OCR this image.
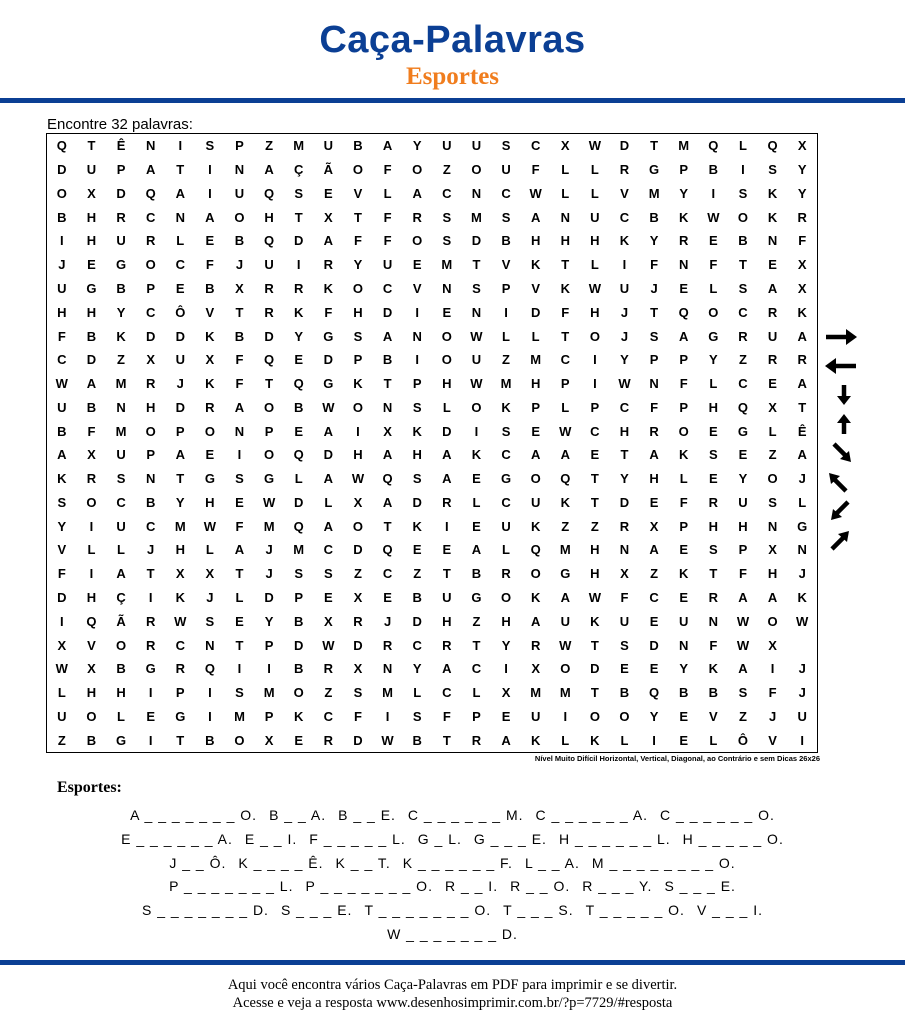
Caça-Palavras
Esportes
Encontre 32 palavras:
Q	T	Ê	N	I	S	P	Z	M	U	B	A	Y	U	U	S	C	X	W	D	T	M	Q	L	Q	X
D	U	P	A	T	I	N	A	Ç	Ã	O	F	O	Z	O	U	F	L	L	R	G	P	B	I	S	Y
O	X	D	Q	A	I	U	Q	S	E	V	L	A	C	N	C	W	L	L	V	M	Y	I	S	K	Y
B	H	R	C	N	A	O	H	T	X	T	F	R	S	M	S	A	N	U	C	B	K	W	O	K	R
I	H	U	R	L	E	B	Q	D	A	F	F	O	S	D	B	H	H	H	K	Y	R	E	B	N	F
J	E	G	O	C	F	J	U	I	R	Y	U	E	M	T	V	K	T	L	I	F	N	F	T	E	X
U	G	B	P	E	B	X	R	R	K	O	C	V	N	S	P	V	K	W	U	J	E	L	S	A	X
H	H	Y	C	Ô	V	T	R	K	F	H	D	I	E	N	I	D	F	H	J	T	Q	O	C	R	K
F	B	K	D	D	K	B	D	Y	G	S	A	N	O	W	L	L	T	O	J	S	A	G	R	U	A
C	D	Z	X	U	X	F	Q	E	D	P	B	I	O	U	Z	M	C	I	Y	P	P	Y	Z	R	R
W	A	M	R	J	K	F	T	Q	G	K	T	P	H	W	M	H	P	I	W	N	F	L	C	E	A
U	B	N	H	D	R	A	O	B	W	O	N	S	L	O	K	P	L	P	C	F	P	H	Q	X	T
B	F	M	O	P	O	N	P	E	A	I	X	K	D	I	S	E	W	C	H	R	O	E	G	L	Ê
A	X	U	P	A	E	I	O	Q	D	H	A	H	A	K	C	A	A	E	T	A	K	S	E	Z	A
K	R	S	N	T	G	S	G	L	A	W	Q	S	A	E	G	O	Q	T	Y	H	L	E	Y	O	J
S	O	C	B	Y	H	E	W	D	L	X	A	D	R	L	C	U	K	T	D	E	F	R	U	S	L
Y	I	U	C	M	W	F	M	Q	A	O	T	K	I	E	U	K	Z	Z	R	X	P	H	H	N	G
V	L	L	J	H	L	A	J	M	C	D	Q	E	E	A	L	Q	M	H	N	A	E	S	P	X	N
F	I	A	T	X	X	T	J	S	S	Z	C	Z	T	B	R	O	G	H	X	Z	K	T	F	H	J
D	H	Ç	I	K	J	L	D	P	E	X	E	B	U	G	O	K	A	W	F	C	E	R	A	A	K
I	Q	Ã	R	W	S	E	Y	B	X	R	J	D	H	Z	H	A	U	K	U	E	U	N	W	O	W
X	V	O	R	C	N	T	P	D	W	D	R	C	R	T	Y	R	W	T	S	D	N	F	W	X
W	X	B	G	R	Q	I	I	B	R	X	N	Y	A	C	I	X	O	D	E	E	Y	K	A	I	J
L	H	H	I	P	I	S	M	O	Z	S	M	L	C	L	X	M	M	T	B	Q	B	B	S	F	J
U	O	L	E	G	I	M	P	K	C	F	I	S	F	P	E	U	I	O	O	Y	E	V	Z	J	U
Z	B	G	I	T	B	O	X	E	R	D	W	B	T	R	A	K	L	K	L	I	E	L	Ô	V	I
Nível Muito Difícil Horizontal, Vertical, Diagonal, ao Contrário e sem Dicas 26x26
Esportes:
A _ _ _ _ _ _ _ O. B _ _ A. B _ _ E. C _ _ _ _ _ _ M. C _ _ _ _ _ _ A. C _ _ _ _ _ _ O.
E _ _ _ _ _ _ A. E _ _ I. F _ _ _ _ _ L. G _ L. G _ _ _ E. H _ _ _ _ _ _ L. H _ _ _ _ _ O.
J _ _ Ô. K _ _ _ _ Ê. K _ _ T. K _ _ _ _ _ _ F. L _ _ A. M _ _ _ _ _ _ _ _ O.
P _ _ _ _ _ _ _ L. P _ _ _ _ _ _ _ O. R _ _ I. R _ _ O. R _ _ _ Y. S _ _ _ E.
S _ _ _ _ _ _ _ D. S _ _ _ E. T _ _ _ _ _ _ _ O. T _ _ _ S. T _ _ _ _ _ O. V _ _ _ I.
W _ _ _ _ _ _ _ D.
Aqui você encontra vários Caça-Palavras em PDF para imprimir e se divertir.
Acesse e veja a resposta www.desenhosimprimir.com.br/?p=7729/#resposta
